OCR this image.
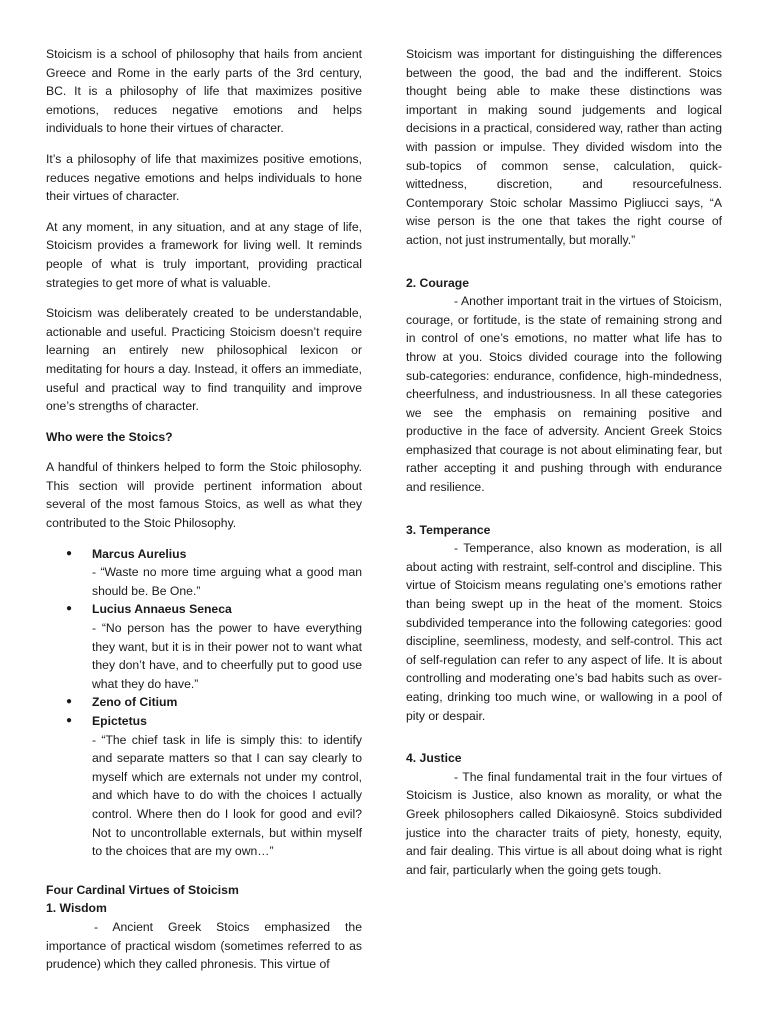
Stoicism is a school of philosophy that hails from ancient Greece and Rome in the early parts of the 3rd century, BC. It is a philosophy of life that maximizes positive emotions, reduces negative emotions and helps individuals to hone their virtues of character.

It’s a philosophy of life that maximizes positive emotions, reduces negative emotions and helps individuals to hone their virtues of character.

At any moment, in any situation, and at any stage of life, Stoicism provides a framework for living well. It reminds people of what is truly important, providing practical strategies to get more of what is valuable.

Stoicism was deliberately created to be understandable, actionable and useful. Practicing Stoicism doesn’t require learning an entirely new philosophical lexicon or meditating for hours a day. Instead, it offers an immediate, useful and practical way to find tranquility and improve one’s strengths of character.

Who were the Stoics?

A handful of thinkers helped to form the Stoic philosophy. This section will provide pertinent information about several of the most famous Stoics, as well as what they contributed to the Stoic Philosophy.

● Marcus Aurelius
- “Waste no more time arguing what a good man should be. Be One.”
● Lucius Annaeus Seneca
- “No person has the power to have everything they want, but it is in their power not to want what they don’t have, and to cheerfully put to good use what they do have.”
● Zeno of Citium
● Epictetus
- “The chief task in life is simply this: to identify and separate matters so that I can say clearly to myself which are externals not under my control, and which have to do with the choices I actually control. Where then do I look for good and evil? Not to uncontrollable externals, but within myself to the choices that are my own…”

Four Cardinal Virtues of Stoicism

1. Wisdom

- Ancient Greek Stoics emphasized the importance of practical wisdom (sometimes referred to as prudence) which they called phronesis. This virtue of

Stoicism was important for distinguishing the differences between the good, the bad and the indifferent. Stoics thought being able to make these distinctions was important in making sound judgements and logical decisions in a practical, considered way, rather than acting with passion or impulse. They divided wisdom into the sub-topics of common sense, calculation, quick-wittedness, discretion, and resourcefulness. Contemporary Stoic scholar Massimo Pigliucci says, “A wise person is the one that takes the right course of action, not just instrumentally, but morally.”

2. Courage

- Another important trait in the virtues of Stoicism, courage, or fortitude, is the state of remaining strong and in control of one’s emotions, no matter what life has to throw at you. Stoics divided courage into the following sub-categories: endurance, confidence, high-mindedness, cheerfulness, and industriousness. In all these categories we see the emphasis on remaining positive and productive in the face of adversity. Ancient Greek Stoics emphasized that courage is not about eliminating fear, but rather accepting it and pushing through with endurance and resilience.

3. Temperance

- Temperance, also known as moderation, is all about acting with restraint, self-control and discipline. This virtue of Stoicism means regulating one’s emotions rather than being swept up in the heat of the moment. Stoics subdivided temperance into the following categories: good discipline, seemliness, modesty, and self-control. This act of self-regulation can refer to any aspect of life. It is about controlling and moderating one’s bad habits such as over-eating, drinking too much wine, or wallowing in a pool of pity or despair.

4. Justice

- The final fundamental trait in the four virtues of Stoicism is Justice, also known as morality, or what the Greek philosophers called Dikaiosynê. Stoics subdivided justice into the character traits of piety, honesty, equity, and fair dealing. This virtue is all about doing what is right and fair, particularly when the going gets tough.
